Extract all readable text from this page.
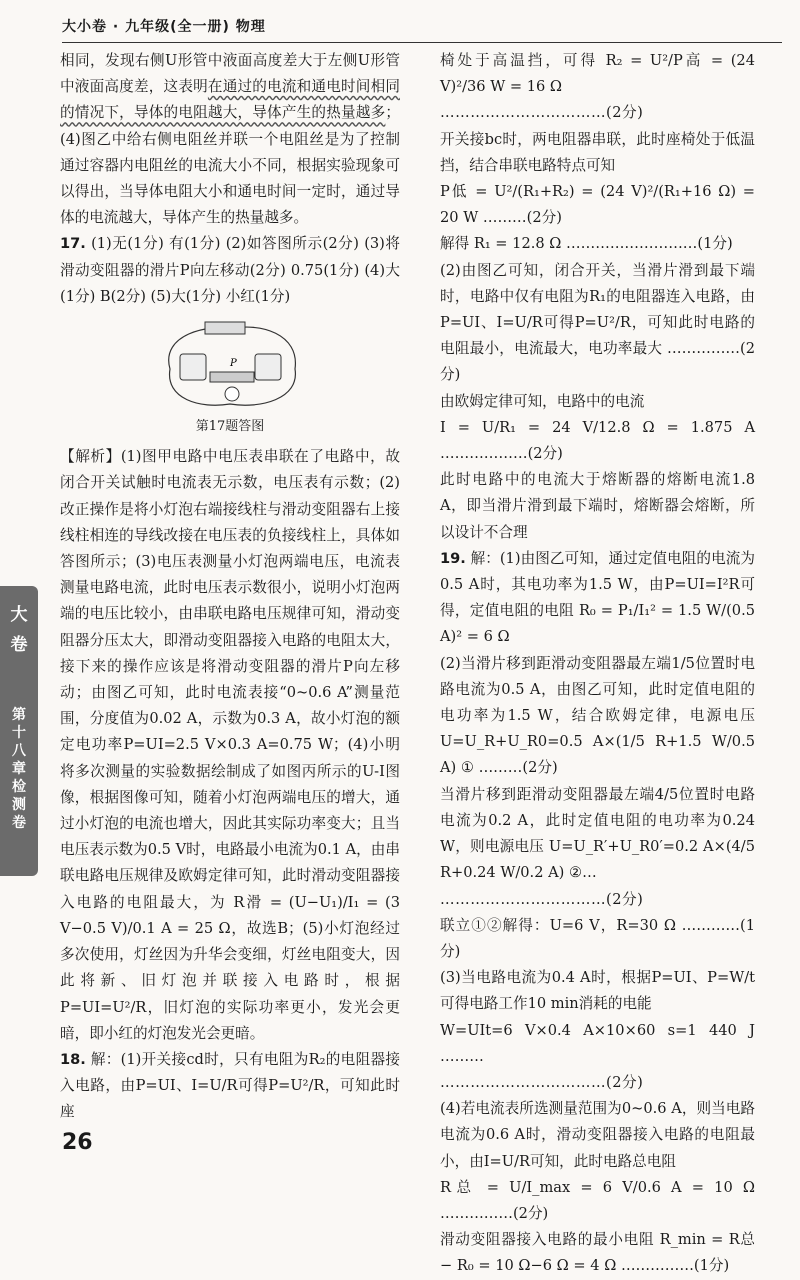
大小卷 · 九年级(全一册) 物理
大
卷
第十八章检测卷

相同，发现右侧U形管中液面高度差大于左侧U形管中液面高度差，这表明在通过的电流和通电时间相同的情况下，导体的电阻越大，导体产生的热量越多；(4)图乙中给右侧电阻丝并联一个电阻丝是为了控制通过容器内电阻丝的电流大小不同，根据实验现象可以得出，当导体电阻大小和通电时间一定时，通过导体的电流越大，导体产生的热量越多。

17. (1)无(1分) 有(1分) (2)如答图所示(2分) (3)将滑动变阻器的滑片P向左移动(2分) 0.75(1分) (4)大(1分) B(2分) (5)大(1分) 小红(1分)

P
第17题答图

【解析】(1)图甲电路中电压表串联在了电路中，故闭合开关试触时电流表无示数，电压表有示数；(2)改正操作是将小灯泡右端接线柱与滑动变阻器右上接线柱相连的导线改接在电压表的负接线柱上，具体如答图所示；(3)电压表测量小灯泡两端电压，电流表测量电路电流，此时电压表示数很小，说明小灯泡两端的电压比较小，由串联电路电压规律可知，滑动变阻器分压太大，即滑动变阻器接入电路的电阻太大，接下来的操作应该是将滑动变阻器的滑片P向左移动；由图乙可知，此时电流表接“0~0.6 A”测量范围，分度值为0.02 A，示数为0.3 A，故小灯泡的额定电功率P=UI=2.5 V×0.3 A=0.75 W；(4)小明将多次测量的实验数据绘制成了如图丙所示的U-I图像，根据图像可知，随着小灯泡两端电压的增大，通过小灯泡的电流也增大，因此其实际功率变大；且当电压表示数为0.5 V时，电路最小电流为0.1 A，由串联电路电压规律及欧姆定律可知，此时滑动变阻器接入电路的电阻最大，为 R滑 = (U−U₁)/I₁ = (3 V−0.5 V)/0.1 A = 25 Ω，故选B；(5)小灯泡经过多次使用，灯丝因为升华会变细，灯丝电阻变大，因此将新、旧灯泡并联接入电路时，根据P=UI=U²/R，旧灯泡的实际功率更小，发光会更暗，即小红的灯泡发光会更暗。

18. 解：(1)开关接cd时，只有电阻为R₂的电阻器接入电路，由P=UI、I=U/R可得P=U²/R，可知此时座

椅处于高温挡，可得 R₂ = U²/P高 = (24 V)²/36 W = 16 Ω

……………………………(2分)

开关接bc时，两电阻器串联，此时座椅处于低温挡，结合串联电路特点可知

P低 = U²/(R₁+R₂) = (24 V)²/(R₁+16 Ω) = 20 W ………(2分)

解得 R₁ = 12.8 Ω ………………………(1分)

(2)由图乙可知，闭合开关，当滑片滑到最下端时，电路中仅有电阻为R₁的电阻器连入电路，由P=UI、I=U/R可得P=U²/R，可知此时电路的电阻最小，电流最大，电功率最大 ……………(2分)

由欧姆定律可知，电路中的电流

I = U/R₁ = 24 V/12.8 Ω = 1.875 A ………………(2分)

此时电路中的电流大于熔断器的熔断电流1.8 A，即当滑片滑到最下端时，熔断器会熔断，所以设计不合理

19. 解：(1)由图乙可知，通过定值电阻的电流为0.5 A时，其电功率为1.5 W，由P=UI=I²R可得，定值电阻的电阻 R₀ = P₁/I₁² = 1.5 W/(0.5 A)² = 6 Ω

(2)当滑片移到距滑动变阻器最左端1/5位置时电路电流为0.5 A，由图乙可知，此时定值电阻的电功率为1.5 W，结合欧姆定律，电源电压 U=U_R+U_R0=0.5 A×(1/5 R+1.5 W/0.5 A) ① ………(2分)

当滑片移到距滑动变阻器最左端4/5位置时电路电流为0.2 A，此时定值电阻的电功率为0.24 W，则电源电压 U=U_R′+U_R0′=0.2 A×(4/5 R+0.24 W/0.2 A) ②…

……………………………(2分)

联立①②解得：U=6 V，R=30 Ω …………(1分)

(3)当电路电流为0.4 A时，根据P=UI、P=W/t可得电路工作10 min消耗的电能

W=UIt=6 V×0.4 A×10×60 s=1 440 J ………

……………………………(2分)

(4)若电流表所选测量范围为0~0.6 A，则当电路电流为0.6 A时，滑动变阻器接入电路的电阻最小，由I=U/R可知，此时电路总电阻

R总 = U/I_max = 6 V/0.6 A = 10 Ω ……………(2分)

滑动变阻器接入电路的最小电阻 R_min = R总 − R₀ = 10 Ω−6 Ω = 4 Ω ……………(1分)

26
